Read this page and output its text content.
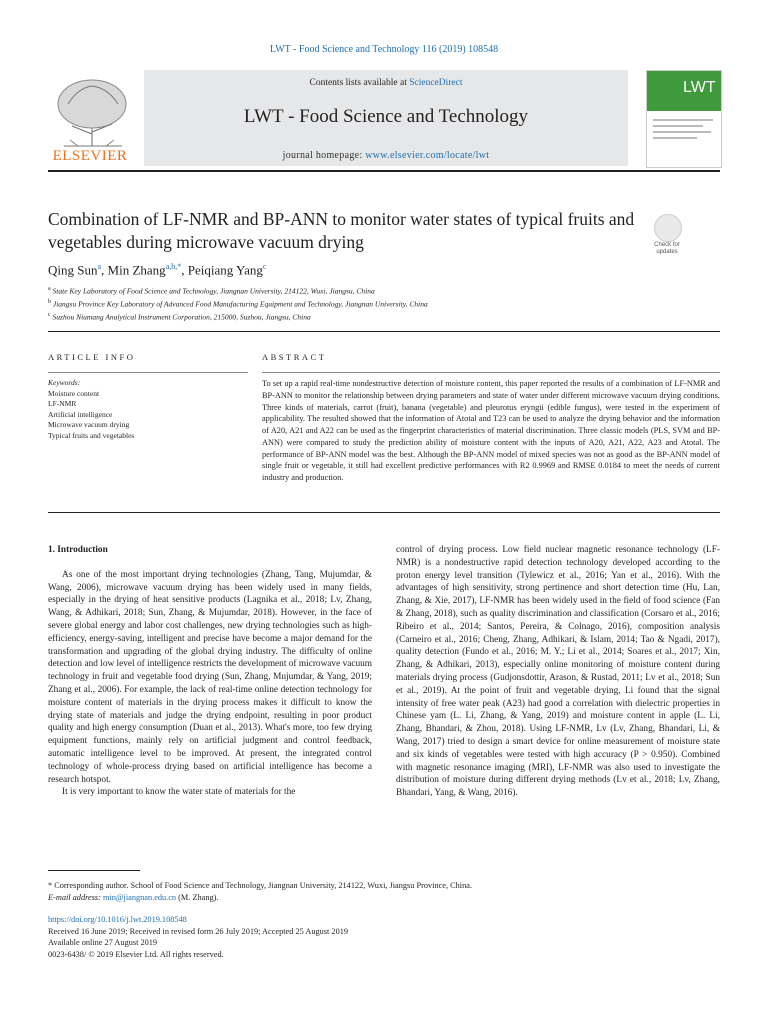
LWT - Food Science and Technology 116 (2019) 108548
ELSEVIER
Contents lists available at ScienceDirect
LWT - Food Science and Technology
journal homepage: www.elsevier.com/locate/lwt
LWT
Combination of LF-NMR and BP-ANN to monitor water states of typical fruits and vegetables during microwave vacuum drying	Check for updates
Qing Sun$^a$, Min Zhang$^{a,b,*}$, Peiqiang Yang$^c$
$^a$ State Key Laboratory of Food Science and Technology, Jiangnan University, 214122, Wuxi, Jiangsu, China
$^b$ Jiangsu Province Key Laboratory of Advanced Food Manufacturing Equipment and Technology, Jiangnan University, China
$^c$ Suzhou Niumang Analytical Instrument Corporation, 215000, Suzhou, Jiangsu, China
ARTICLE INFO	ABSTRACT
Keywords:
Moisture content
LF-NMR
Artificial intelligence
Microwave vacuum drying
Typical fruits and vegetables
To set up a rapid real-time nondestructive detection of moisture content, this paper reported the results of a combination of LF-NMR and BP-ANN to monitor the relationship between drying parameters and state of water under different microwave vacuum drying conditions. Three kinds of materials, carrot (fruit), banana (vegetable) and pleurotus eryngii (edible fungus), were tested in the experiment of applicability. The resulted showed that the information of Atotal and T23 can be used to analyze the drying behavior and the information of A20, A21 and A22 can be used as the fingerprint characteristics of material discrimination. Three classic models (PLS, SVM and BP-ANN) were compared to study the prediction ability of moisture content with the inputs of A20, A21, A22, A23 and Atotal. The performance of BP-ANN model was the best. Although the BP-ANN model of mixed species was not as good as the BP-ANN model of single fruit or vegetable, it still had excellent predictive performances with R2 0.9969 and RMSE 0.0184 to meet the needs of current industry and production.
1. Introduction

As one of the most important drying technologies (Zhang, Tang, Mujumdar, & Wang, 2006), microwave vacuum drying has been widely used in many fields, especially in the drying of heat sensitive products (Lagnika et al., 2018; Lv, Zhang, Wang, & Adhikari, 2018; Sun, Zhang, & Mujumdar, 2018). However, in the face of severe global energy and labor cost challenges, new drying technologies such as high-efficiency, energy-saving, intelligent and precise have become a major demand for the transformation and upgrading of the global drying industry. The difficulty of online detection and low level of intelligence restricts the development of microwave vacuum technology in fruit and vegetable food drying (Sun, Zhang, Mujumdar, & Yang, 2019; Zhang et al., 2006). For example, the lack of real-time online detection technology for moisture content of materials in the drying process makes it difficult to know the drying state of materials and judge the drying endpoint, resulting in poor product quality and high energy consumption (Duan et al., 2013). What's more, too few drying equipment functions, mainly rely on artificial judgment and control feedback, automatic intelligence level to be improved. At present, the integrated control technology of whole-process drying based on artificial intelligence has become a research hotspot.

It is very important to know the water state of materials for the

control of drying process. Low field nuclear magnetic resonance technology (LF-NMR) is a nondestructive rapid detection technology developed according to the proton energy level transition (Tylewicz et al., 2016; Yan et al., 2016). With the advantages of high sensitivity, strong pertinence and short detection time (Hu, Lan, Zhang, & Xie, 2017), LF-NMR has been widely used in the field of food science (Fan & Zhang, 2018), such as quality discrimination and classification (Corsaro et al., 2016; Ribeiro et al., 2014; Santos, Pereira, & Colnago, 2016), composition analysis (Carneiro et al., 2016; Cheng, Zhang, Adhikari, & Islam, 2014; Tao & Ngadi, 2017), quality detection (Fundo et al., 2016; M. Y.; Li et al., 2014; Soares et al., 2017; Xin, Zhang, & Adhikari, 2013), especially online monitoring of moisture content during materials drying process (Gudjonsdottir, Arason, & Rustad, 2011; Lv et al., 2018; Sun et al., 2019). At the point of fruit and vegetable drying, Li found that the signal intensity of free water peak (A23) had good a correlation with dielectric properties in Chinese yam (L. Li, Zhang, & Yang, 2019) and moisture content in apple (L. Li, Zhang, Bhandari, & Zhou, 2018). Using LF-NMR, Lv (Lv, Zhang, Bhandari, Li, & Wang, 2017) tried to design a smart device for online measurement of moisture state and six kinds of vegetables were tested with high accuracy (P > 0.950). Combined with magnetic resonance imaging (MRI), LF-NMR was also used to investigate the distribution of moisture during different drying methods (Lv et al., 2018; Lv, Zhang, Bhandari, Yang, & Wang, 2016).

* Corresponding author. School of Food Science and Technology, Jiangnan University, 214122, Wuxi, Jiangsu Province, China.
E-mail address: min@jiangnan.edu.cn (M. Zhang).
https://doi.org/10.1016/j.lwt.2019.108548
Received 16 June 2019; Received in revised form 26 July 2019; Accepted 25 August 2019
Available online 27 August 2019
0023-6438/ © 2019 Elsevier Ltd. All rights reserved.
